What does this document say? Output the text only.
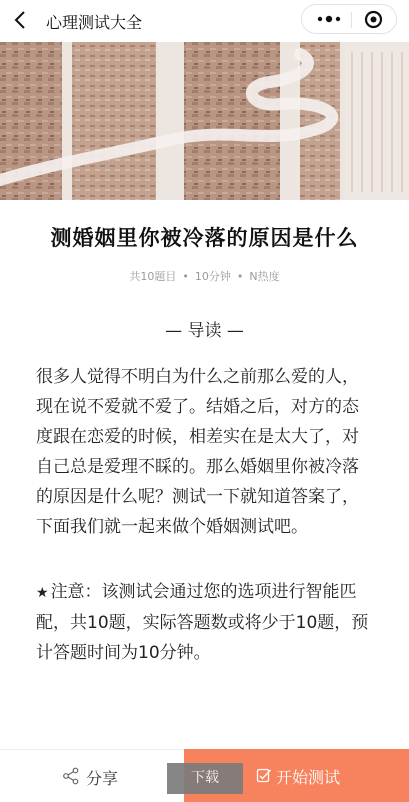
心理测试大全
测婚姻里你被冷落的原因是什么
共10题目 • 10分钟 • N热度
— 导读 —

很多人觉得不明白为什么之前那么爱的人，现在说不爱就不爱了。结婚之后，对方的态度跟在恋爱的时候，相差实在是太大了，对自己总是爱理不睬的。那么婚姻里你被冷落的原因是什么呢？测试一下就知道答案了，下面我们就一起来做个婚姻测试吧。

★ 注意：该测试会通过您的选项进行智能匹配，共10题，实际答题数或将少于10题，预计答题时间为10分钟。

分享	开始测试
下载
